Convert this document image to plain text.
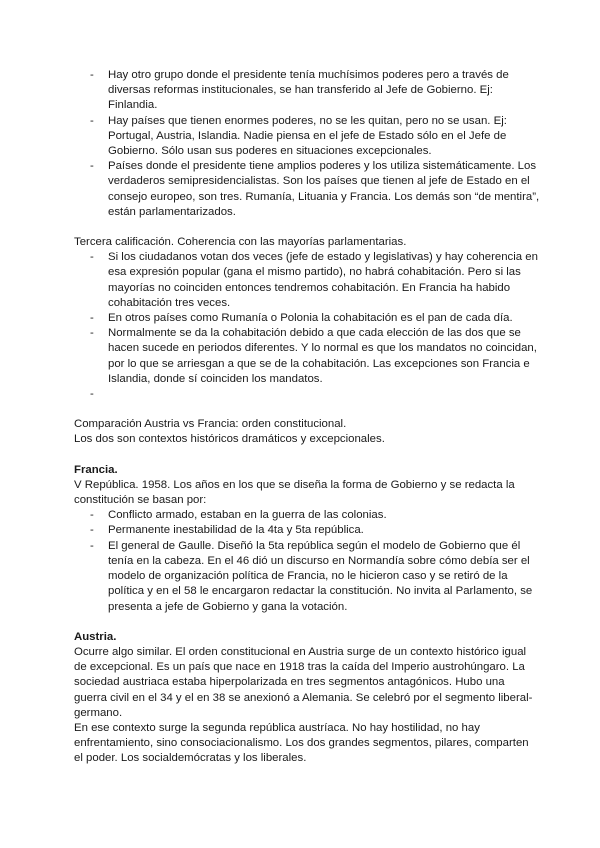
- Hay otro grupo donde el presidente tenía muchísimos poderes pero a través de diversas reformas institucionales, se han transferido al Jefe de Gobierno. Ej: Finlandia.
- Hay países que tienen enormes poderes, no se les quitan, pero no se usan. Ej: Portugal, Austria, Islandia. Nadie piensa en el jefe de Estado sólo en el Jefe de Gobierno. Sólo usan sus poderes en situaciones excepcionales.
- Países donde el presidente tiene amplios poderes y los utiliza sistemáticamente. Los verdaderos semipresidencialistas. Son los países que tienen al jefe de Estado en el consejo europeo, son tres. Rumanía, Lituania y Francia. Los demás son “de mentira”, están parlamentarizados.

Tercera calificación. Coherencia con las mayorías parlamentarias.

- Si los ciudadanos votan dos veces (jefe de estado y legislativas) y hay coherencia en esa expresión popular (gana el mismo partido), no habrá cohabitación. Pero si las mayorías no coinciden entonces tendremos cohabitación. En Francia ha habido cohabitación tres veces.
- En otros países como Rumanía o Polonia la cohabitación es el pan de cada día.
- Normalmente se da la cohabitación debido a que cada elección de las dos que se hacen sucede en periodos diferentes. Y lo normal es que los mandatos no coincidan, por lo que se arriesgan a que se de la cohabitación. Las excepciones son Francia e Islandia, donde sí coinciden los mandatos.
-

Comparación Austria vs Francia: orden constitucional.

Los dos son contextos históricos dramáticos y excepcionales.

Francia.

V República. 1958. Los años en los que se diseña la forma de Gobierno y se redacta la constitución se basan por:

- Conflicto armado, estaban en la guerra de las colonias.
- Permanente inestabilidad de la 4ta y 5ta república.
- El general de Gaulle. Diseñó la 5ta república según el modelo de Gobierno que él tenía en la cabeza. En el 46 dió un discurso en Normandía sobre cómo debía ser el modelo de organización política de Francia, no le hicieron caso y se retiró de la política y en el 58 le encargaron redactar la constitución. No invita al Parlamento, se presenta a jefe de Gobierno y gana la votación.

Austria.

Ocurre algo similar. El orden constitucional en Austria surge de un contexto histórico igual de excepcional. Es un país que nace en 1918 tras la caída del Imperio austrohúngaro. La sociedad austriaca estaba hiperpolarizada en tres segmentos antagónicos. Hubo una guerra civil en el 34 y el en 38 se anexionó a Alemania. Se celebró por el segmento liberal-germano.

En ese contexto surge la segunda república austríaca. No hay hostilidad, no hay enfrentamiento, sino consociacionalismo. Los dos grandes segmentos, pilares, comparten el poder. Los socialdemócratas y los liberales.
